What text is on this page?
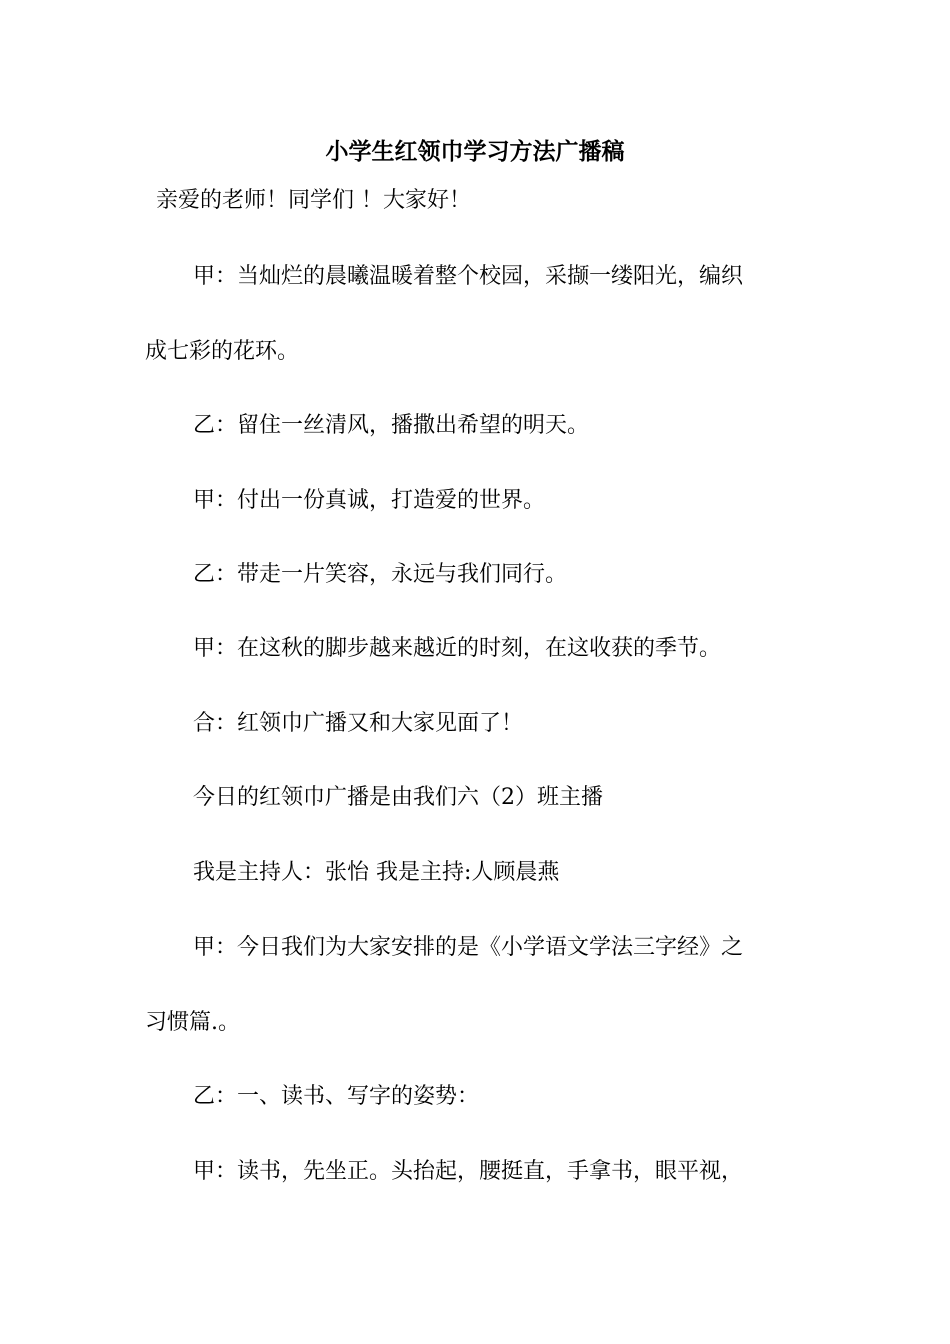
小学生红领巾学习方法广播稿
亲爱的老师！同学们 ！大家好！
甲：当灿烂的晨曦温暖着整个校园，采撷一缕阳光，编织
成七彩的花环。
乙：留住一丝清风，播撒出希望的明天。
甲：付出一份真诚，打造爱的世界。
乙：带走一片笑容，永远与我们同行。
甲：在这秋的脚步越来越近的时刻，在这收获的季节。
合：红领巾广播又和大家见面了！
今日的红领巾广播是由我们六（2）班主播
我是主持人：张怡 我是主持:人顾晨燕
甲：今日我们为大家安排的是《小学语文学法三字经》之
习惯篇.。
乙：一、读书、写字的姿势：
甲：读书，先坐正。头抬起，腰挺直，手拿书，眼平视，
